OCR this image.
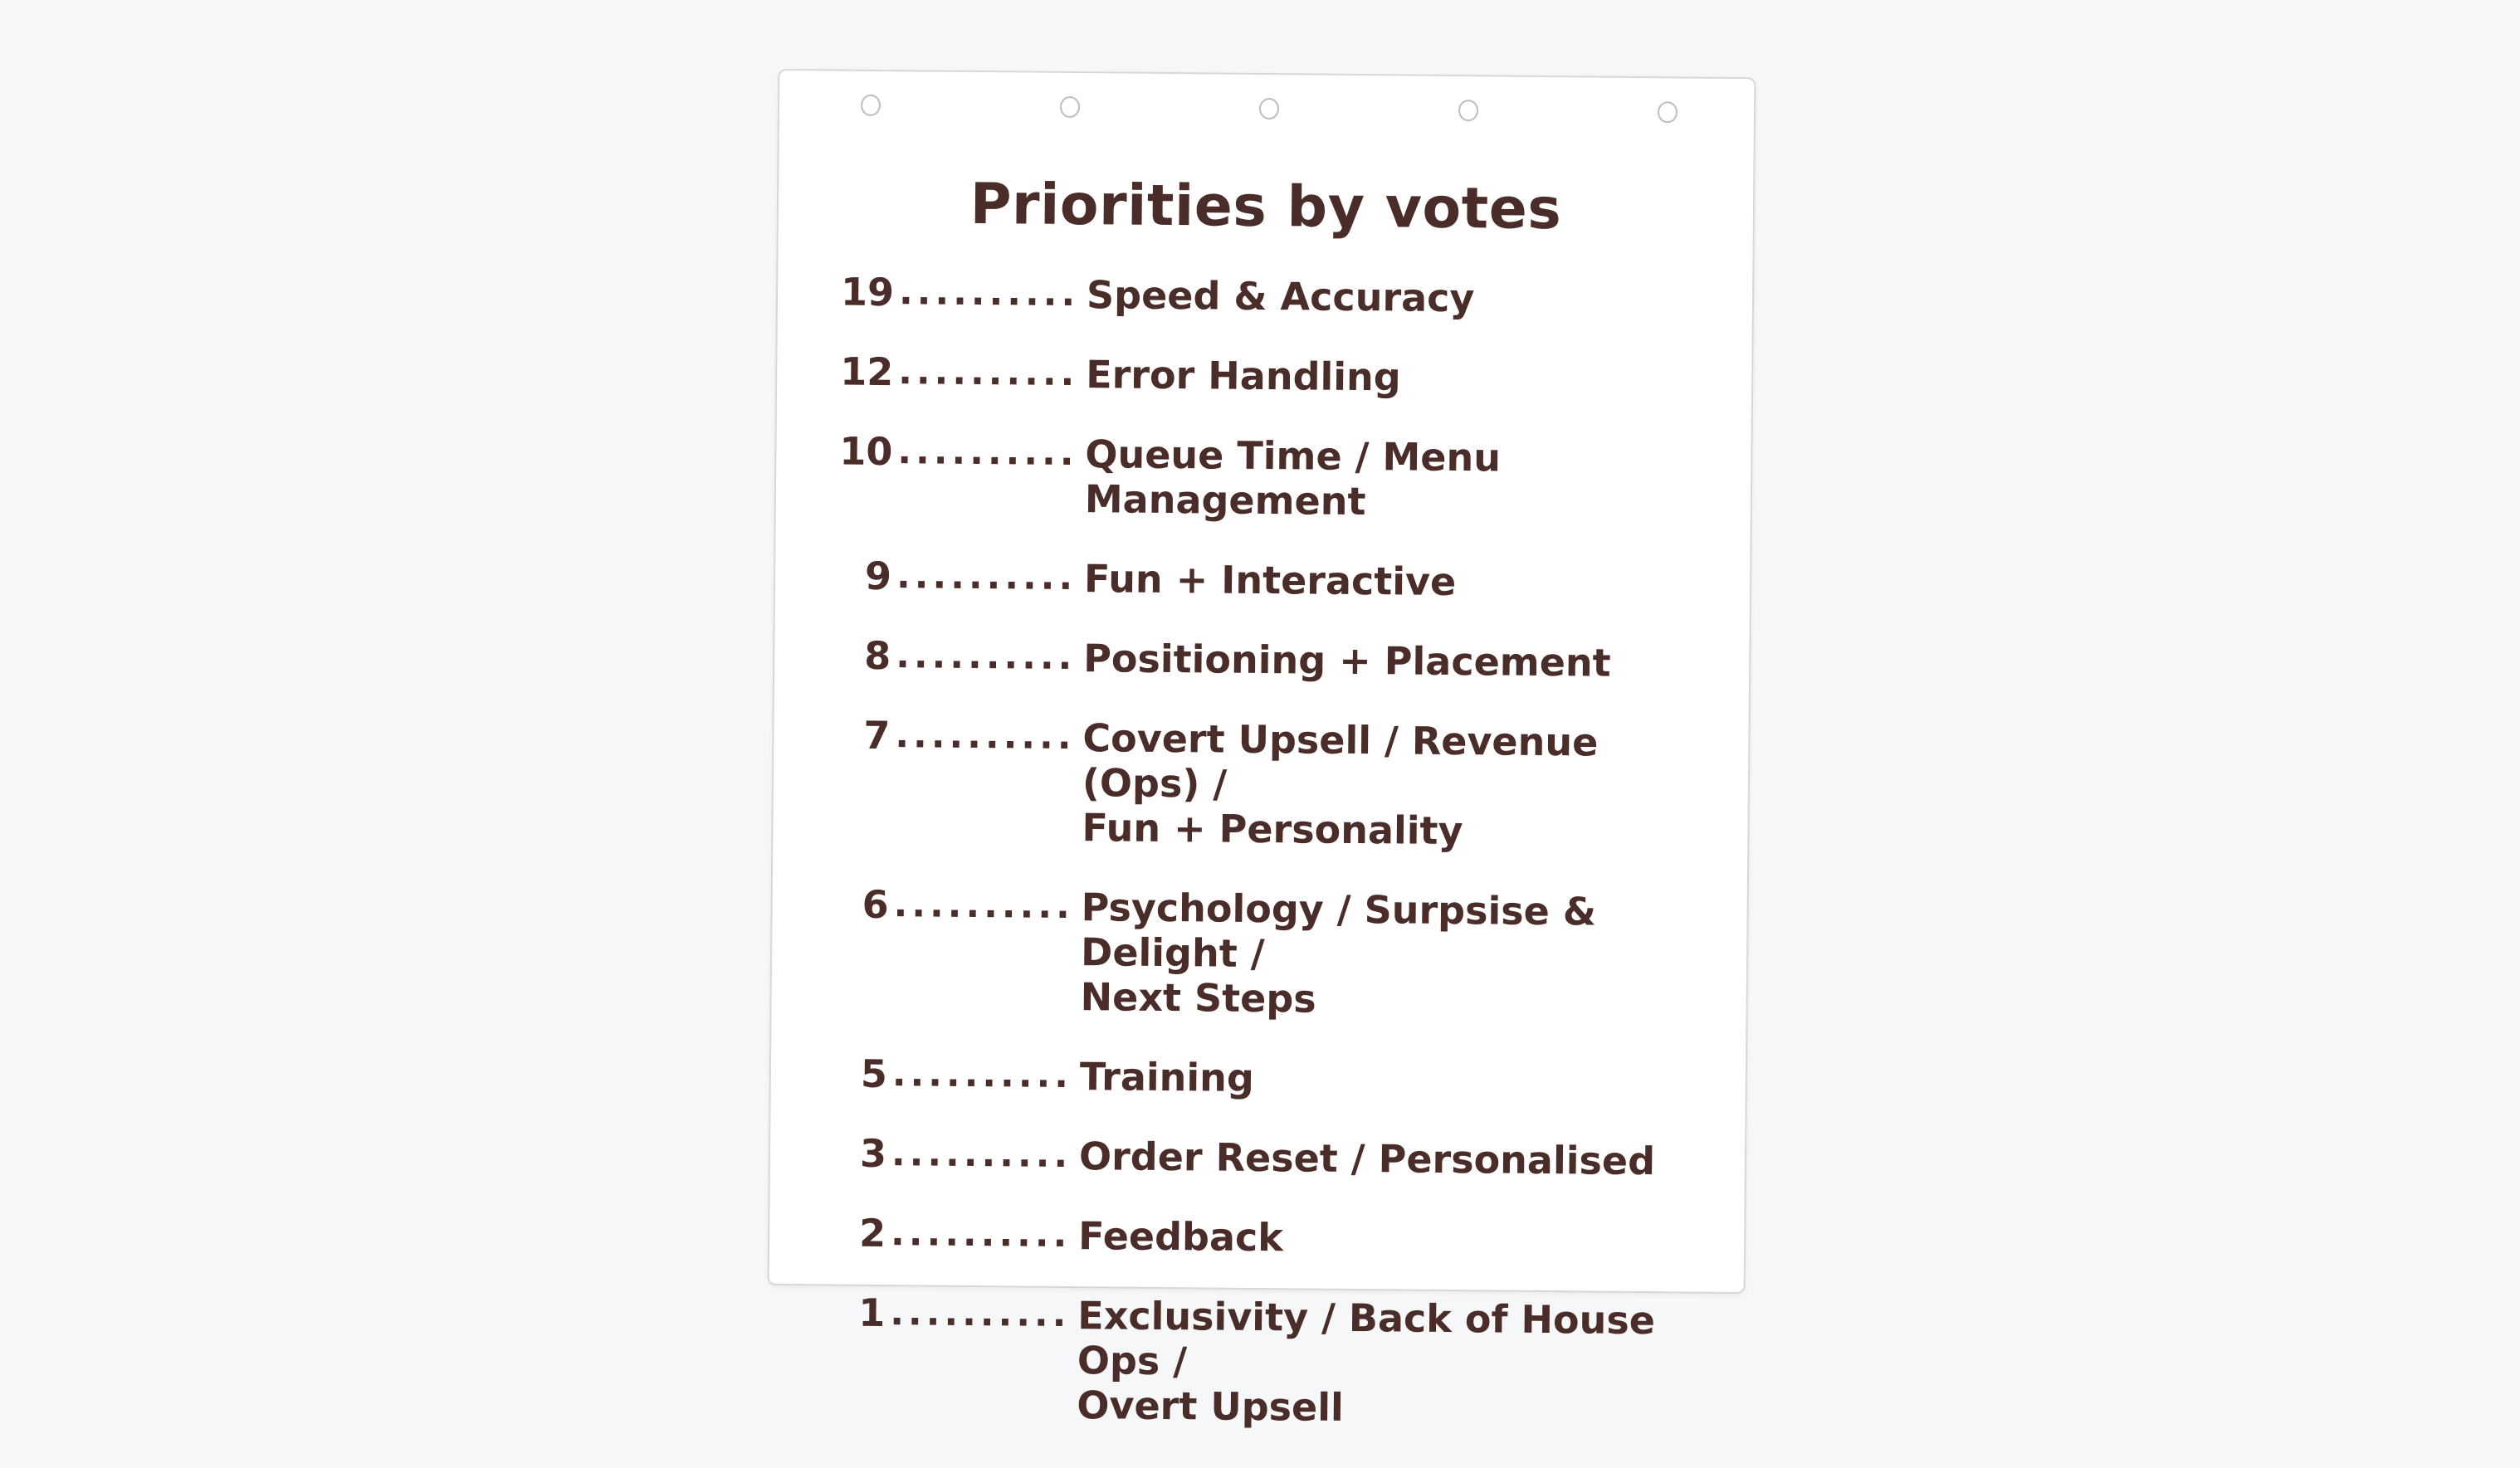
Priorities by votes
19 .......... Speed & Accuracy
12 .......... Error Handling
10 .......... Queue Time / Menu Management
9 .......... Fun + Interactive
8 .......... Positioning + Placement
7 .......... Covert Upsell / Revenue (Ops) /
Fun + Personality
6 .......... Psychology / Surpsise & Delight /
Next Steps
5 .......... Training
3 .......... Order Reset / Personalised
2 .......... Feedback
1 .......... Exclusivity / Back of House Ops /
Overt Upsell
